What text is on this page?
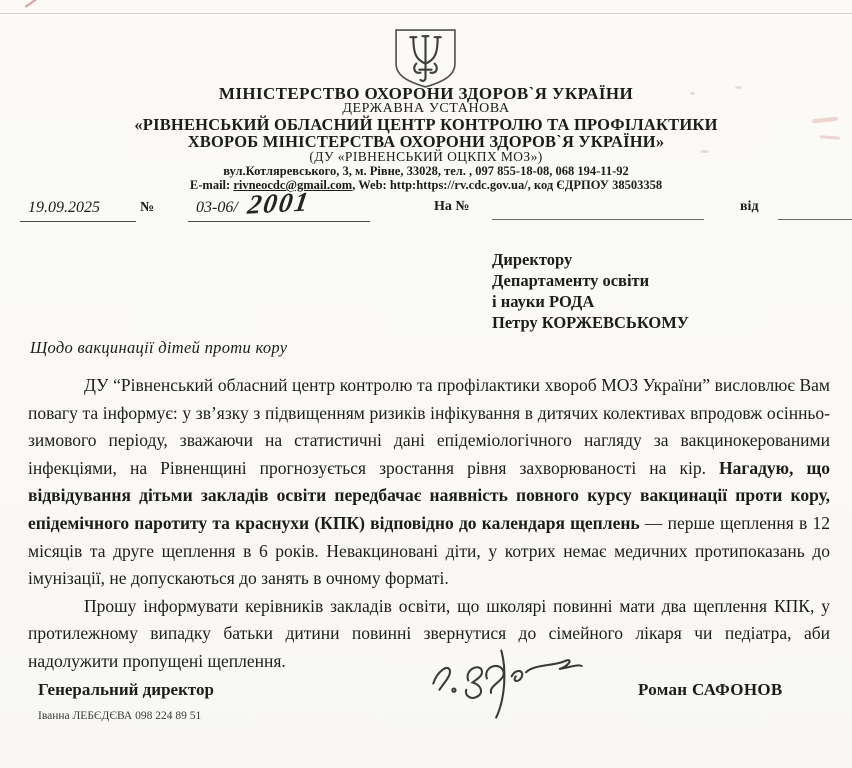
МІНІСТЕРСТВО ОХОРОНИ ЗДОРОВ`Я УКРАЇНИ
ДЕРЖАВНА УСТАНОВА
«РІВНЕНСЬКИЙ ОБЛАСНИЙ ЦЕНТР КОНТРОЛЮ ТА ПРОФІЛАКТИКИ
ХВОРОБ МІНІСТЕРСТВА ОХОРОНИ ЗДОРОВ`Я УКРАЇНИ»
(ДУ «РІВНЕНСЬКИЙ ОЦКПХ МОЗ»)
вул.Котляревського, 3, м. Рівне, 33028, тел. , 097 855-18-08, 068 194-11-92
E-mail: rivneocdc@gmail.com, Web: http:https://rv.cdc.gov.ua/, код ЄДРПОУ 38503358
19.09.2025	№	03-06/ 2001	На №	від
Директору
Департаменту освіти
і науки РОДА
Петру КОРЖЕВСЬКОМУ
Щодо вакцинації дітей проти кору

ДУ “Рівненський обласний центр контролю та профілактики хвороб МОЗ України” висловлює Вам повагу та інформує: у зв’язку з підвищенням ризиків інфікування в дитячих колективах впродовж осінньо-зимового періоду, зважаючи на статистичні дані епідеміологічного нагляду за вакцинокерованими інфекціями, на Рівненщині прогнозується зростання рівня захворюваності на кір. Нагадую, що відвідування дітьми закладів освіти передбачає наявність повного курсу вакцинації проти кору, епідемічного паротиту та краснухи (КПК) відповідно до календаря щеплень — перше щеплення в 12 місяців та друге щеплення в 6 років. Невакциновані діти, у котрих немає медичних протипоказань до імунізації, не допускаються до занять в очному форматі.

Прошу інформувати керівників закладів освіти, що школярі повинні мати два щеплення КПК, у протилежному випадку батьки дитини повинні звернутися до сімейного лікаря чи педіатра, аби надолужити пропущені щеплення.

Генеральний директор	Роман САФОНОВ
Іванна ЛЕБЄДЄВА 098 224 89 51
